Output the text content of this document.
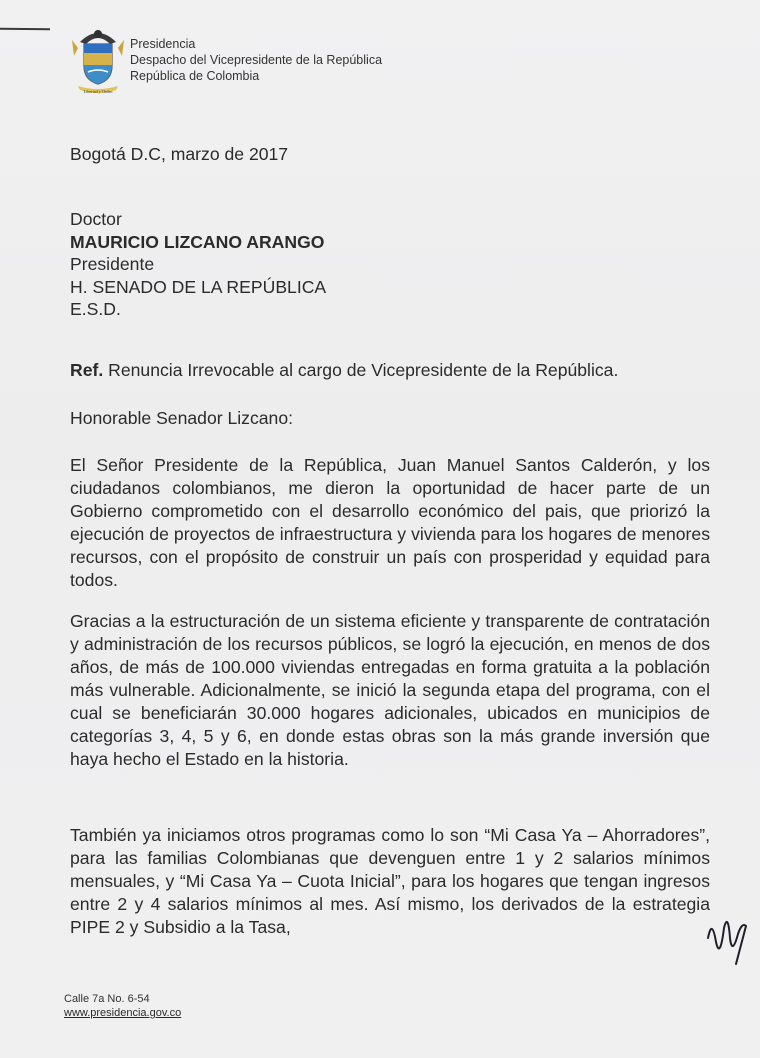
Libertad y Orden
Presidencia
Despacho del Vicepresidente de la República
República de Colombia
Bogotá D.C, marzo de 2017
Doctor
MAURICIO LIZCANO ARANGO
Presidente
H. SENADO DE LA REPÚBLICA
E.S.D.
Ref. Renuncia Irrevocable al cargo de Vicepresidente de la República.
Honorable Senador Lizcano:
El Señor Presidente de la República, Juan Manuel Santos Calderón, y los ciudadanos colombianos, me dieron la oportunidad de hacer parte de un Gobierno comprometido con el desarrollo económico del pais, que priorizó la ejecución de proyectos de infraestructura y vivienda para los hogares de menores recursos, con el propósito de construir un país con prosperidad y equidad para todos.
Gracias a la estructuración de un sistema eficiente y transparente de contratación y administración de los recursos públicos, se logró la ejecución, en menos de dos años, de más de 100.000 viviendas entregadas en forma gratuita a la población más vulnerable. Adicionalmente, se inició la segunda etapa del programa, con el cual se beneficiarán 30.000 hogares adicionales, ubicados en municipios de categorías 3, 4, 5 y 6, en donde estas obras son la más grande inversión que haya hecho el Estado en la historia.
También ya iniciamos otros programas como lo son “Mi Casa Ya – Ahorradores”, para las familias Colombianas que devenguen entre 1 y 2 salarios mínimos mensuales, y “Mi Casa Ya – Cuota Inicial”, para los hogares que tengan ingresos entre 2 y 4 salarios mínimos al mes. Así mismo, los derivados de la estrategia PIPE 2 y Subsidio a la Tasa,
Calle 7a No. 6-54
www.presidencia.gov.co
